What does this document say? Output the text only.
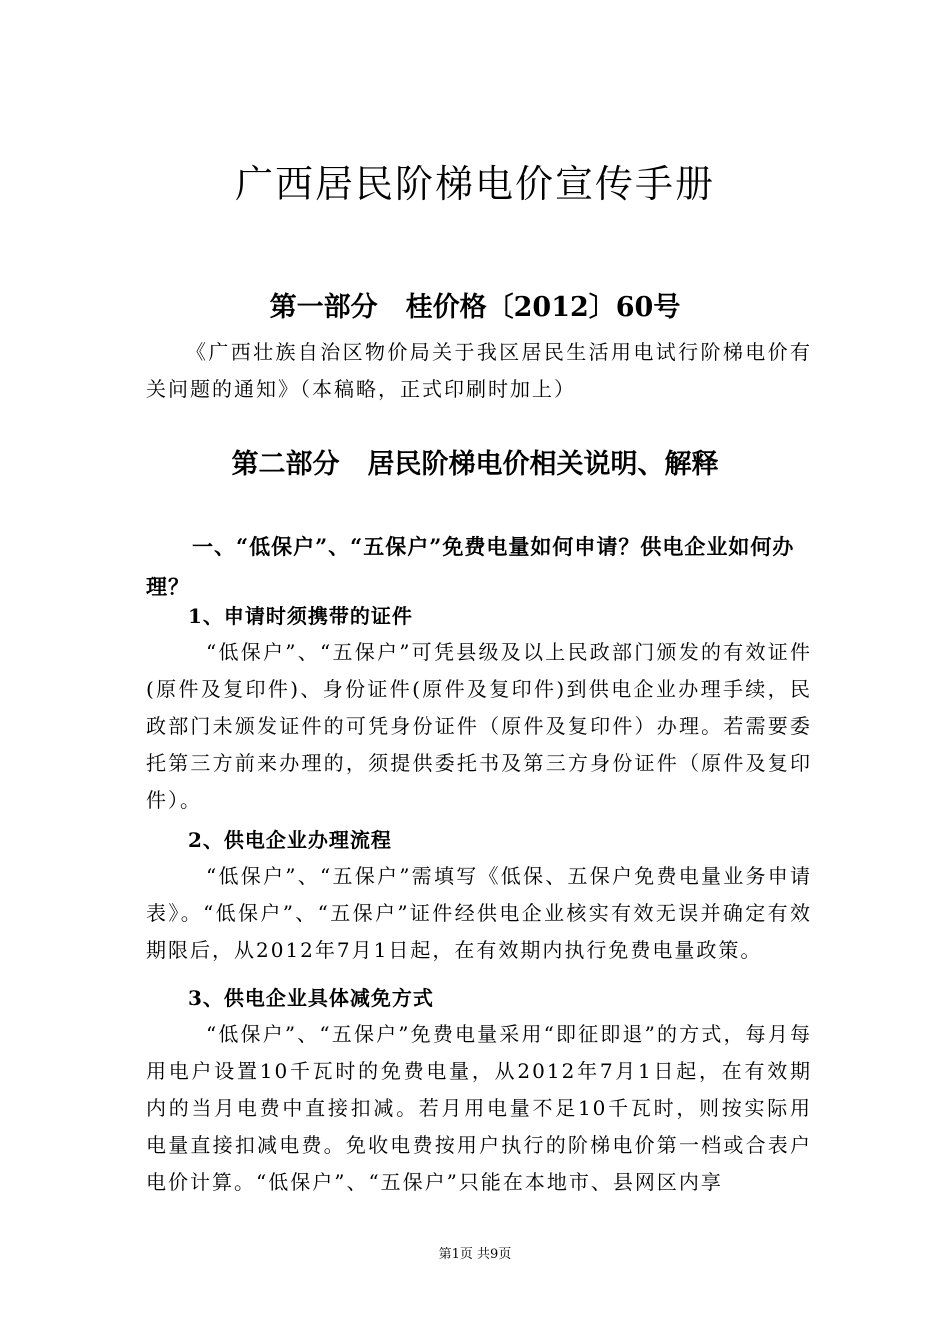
广西居民阶梯电价宣传手册
第一部分 桂价格〔2012〕60号

《广西壮族自治区物价局关于我区居民生活用电试行阶梯电价有关问题的通知》（本稿略，正式印刷时加上）

第二部分 居民阶梯电价相关说明、解释

一、“低保户”、“五保户”免费电量如何申请？供电企业如何办理？

1、申请时须携带的证件

“低保户”、“五保户”可凭县级及以上民政部门颁发的有效证件(原件及复印件)、身份证件(原件及复印件)到供电企业办理手续，民政部门未颁发证件的可凭身份证件（原件及复印件）办理。若需要委托第三方前来办理的，须提供委托书及第三方身份证件（原件及复印件）。

2、供电企业办理流程

“低保户”、“五保户”需填写《低保、五保户免费电量业务申请表》。“低保户”、“五保户”证件经供电企业核实有效无误并确定有效期限后，从2012年7月1日起，在有效期内执行免费电量政策。

3、供电企业具体减免方式

“低保户”、“五保户”免费电量采用“即征即退”的方式，每月每用电户设置10千瓦时的免费电量，从2012年7月1日起，在有效期内的当月电费中直接扣减。若月用电量不足10千瓦时，则按实际用电量直接扣减电费。免收电费按用户执行的阶梯电价第一档或合表户电价计算。“低保户”、“五保户”只能在本地市、县网区内享

第1页 共9页
